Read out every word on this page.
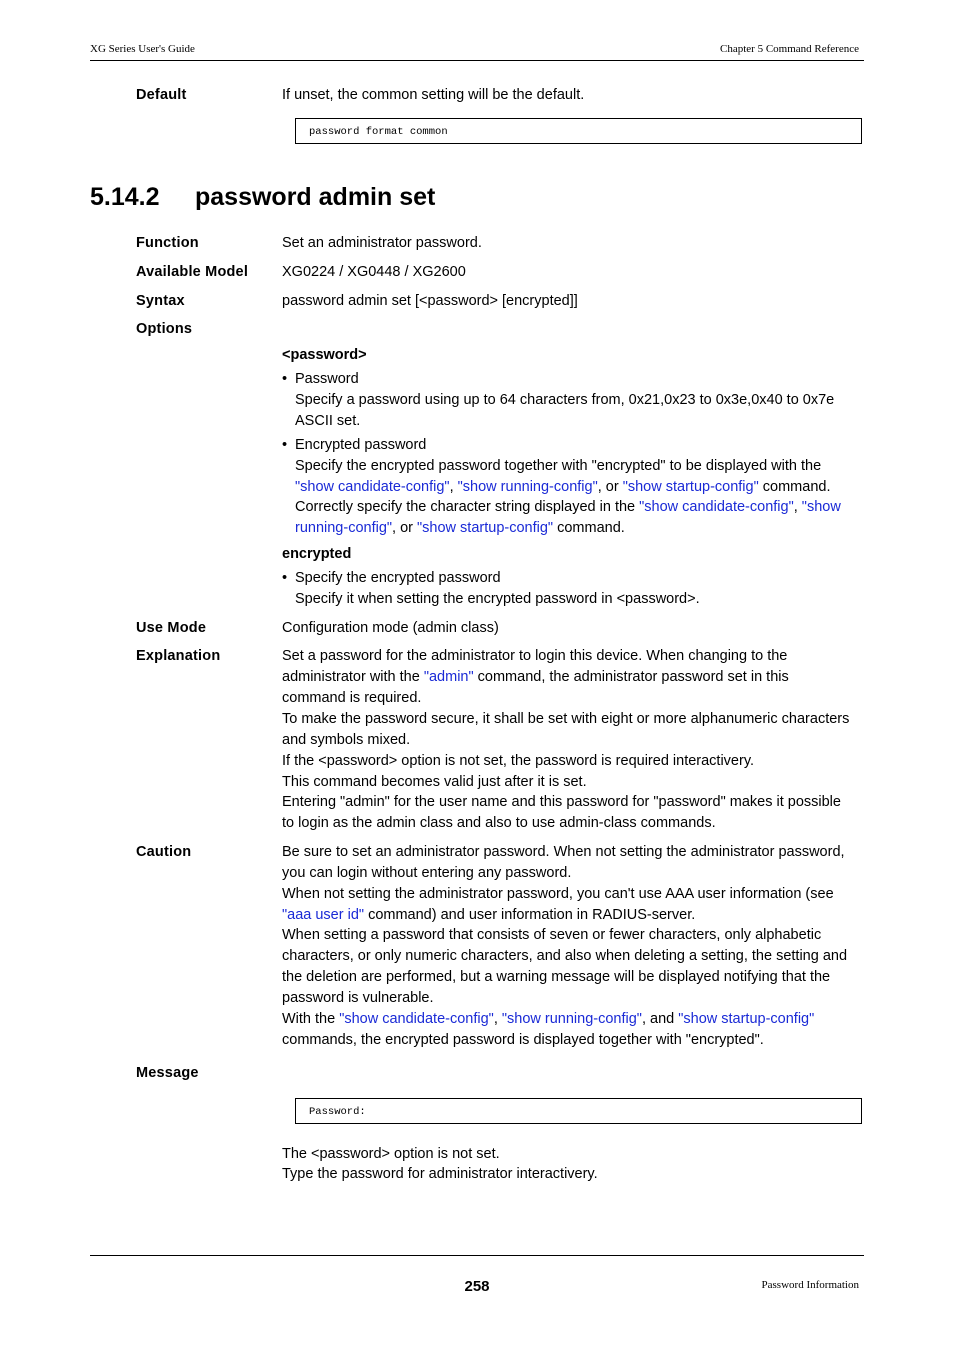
XG Series User's Guide	Chapter 5 Command Reference
Default	If unset, the common setting will be the default.
password format common
5.14.2 password admin set
Function	Set an administrator password.
Available Model XG0224 / XG0448 / XG2600
Syntax	password admin set [<password> [encrypted]]
Options
<password>
• Password
Specify a password using up to 64 characters from, 0x21,0x23 to 0x3e,0x40 to 0x7e ASCII set.
• Encrypted password
Specify the encrypted password together with "encrypted" to be displayed with the
"show candidate-config", "show running-config", or "show startup-config" command.
Correctly specify the character string displayed in the "show candidate-config", "show
running-config", or "show startup-config" command.
encrypted
• Specify the encrypted password
Specify it when setting the encrypted password in <password>.
Use Mode	Configuration mode (admin class)
Explanation	Set a password for the administrator to login this device. When changing to the
administrator with the "admin" command, the administrator password set in this
command is required.
To make the password secure, it shall be set with eight or more alphanumeric characters
and symbols mixed.
If the <password> option is not set, the password is required interactivery.
This command becomes valid just after it is set.
Entering "admin" for the user name and this password for "password" makes it possible
to login as the admin class and also to use admin-class commands.
Caution	Be sure to set an administrator password. When not setting the administrator password,
you can login without entering any password.
When not setting the administrator password, you can't use AAA user information (see
"aaa user id" command) and user information in RADIUS-server.
When setting a password that consists of seven or fewer characters, only alphabetic
characters, or only numeric characters, and also when deleting a setting, the setting and
the deletion are performed, but a warning message will be displayed notifying that the
password is vulnerable.
With the "show candidate-config", "show running-config", and "show startup-config"
commands, the encrypted password is displayed together with "encrypted".
Message
Password:
The <password> option is not set.
Type the password for administrator interactivery.
258	Password Information
